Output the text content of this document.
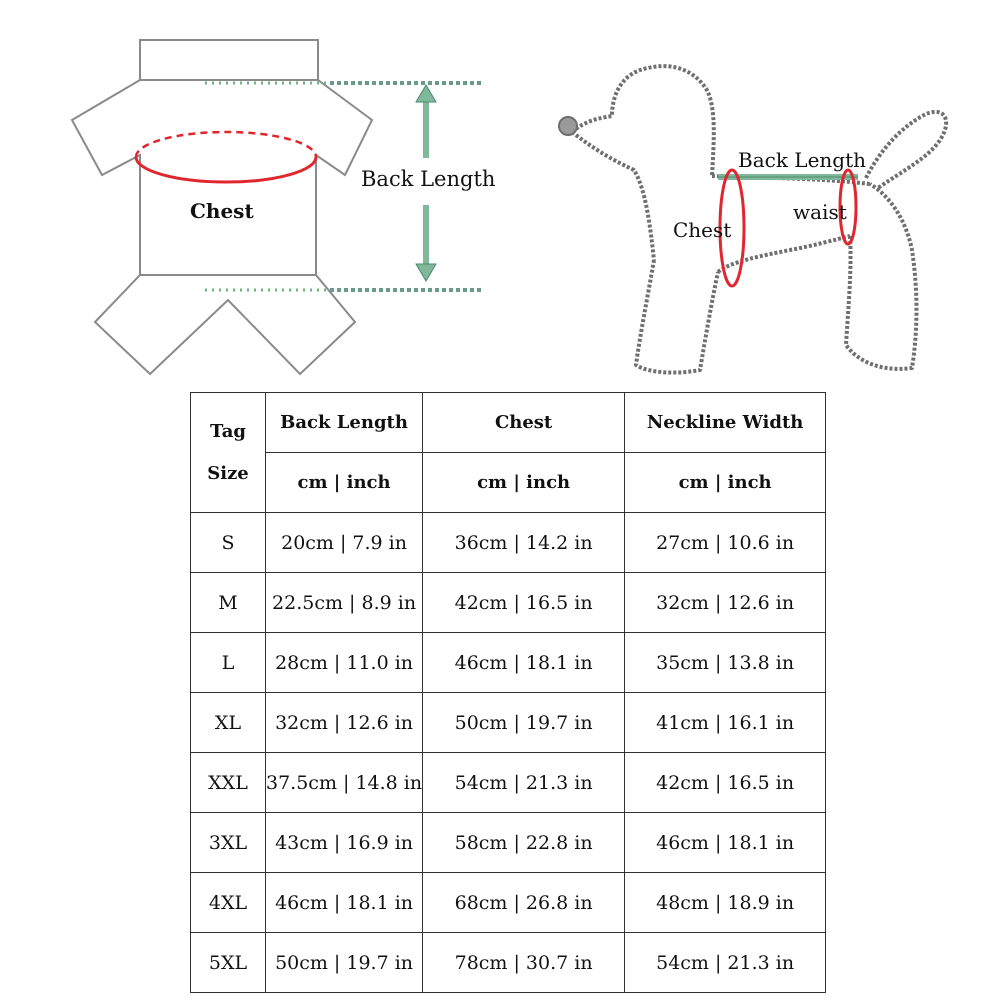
Chest
Back Length
Back Length
Chest
waist
Tag
Size	Back Length	Chest	Neckline Width
	cm | inch	cm | inch	cm | inch
S	20cm | 7.9 in	36cm | 14.2 in	27cm | 10.6 in
M	22.5cm | 8.9 in	42cm | 16.5 in	32cm | 12.6 in
L	28cm | 11.0 in	46cm | 18.1 in	35cm | 13.8 in
XL	32cm | 12.6 in	50cm | 19.7 in	41cm | 16.1 in
XXL	37.5cm | 14.8 in	54cm | 21.3 in	42cm | 16.5 in
3XL	43cm | 16.9 in	58cm | 22.8 in	46cm | 18.1 in
4XL	46cm | 18.1 in	68cm | 26.8 in	48cm | 18.9 in
5XL	50cm | 19.7 in	78cm | 30.7 in	54cm | 21.3 in
